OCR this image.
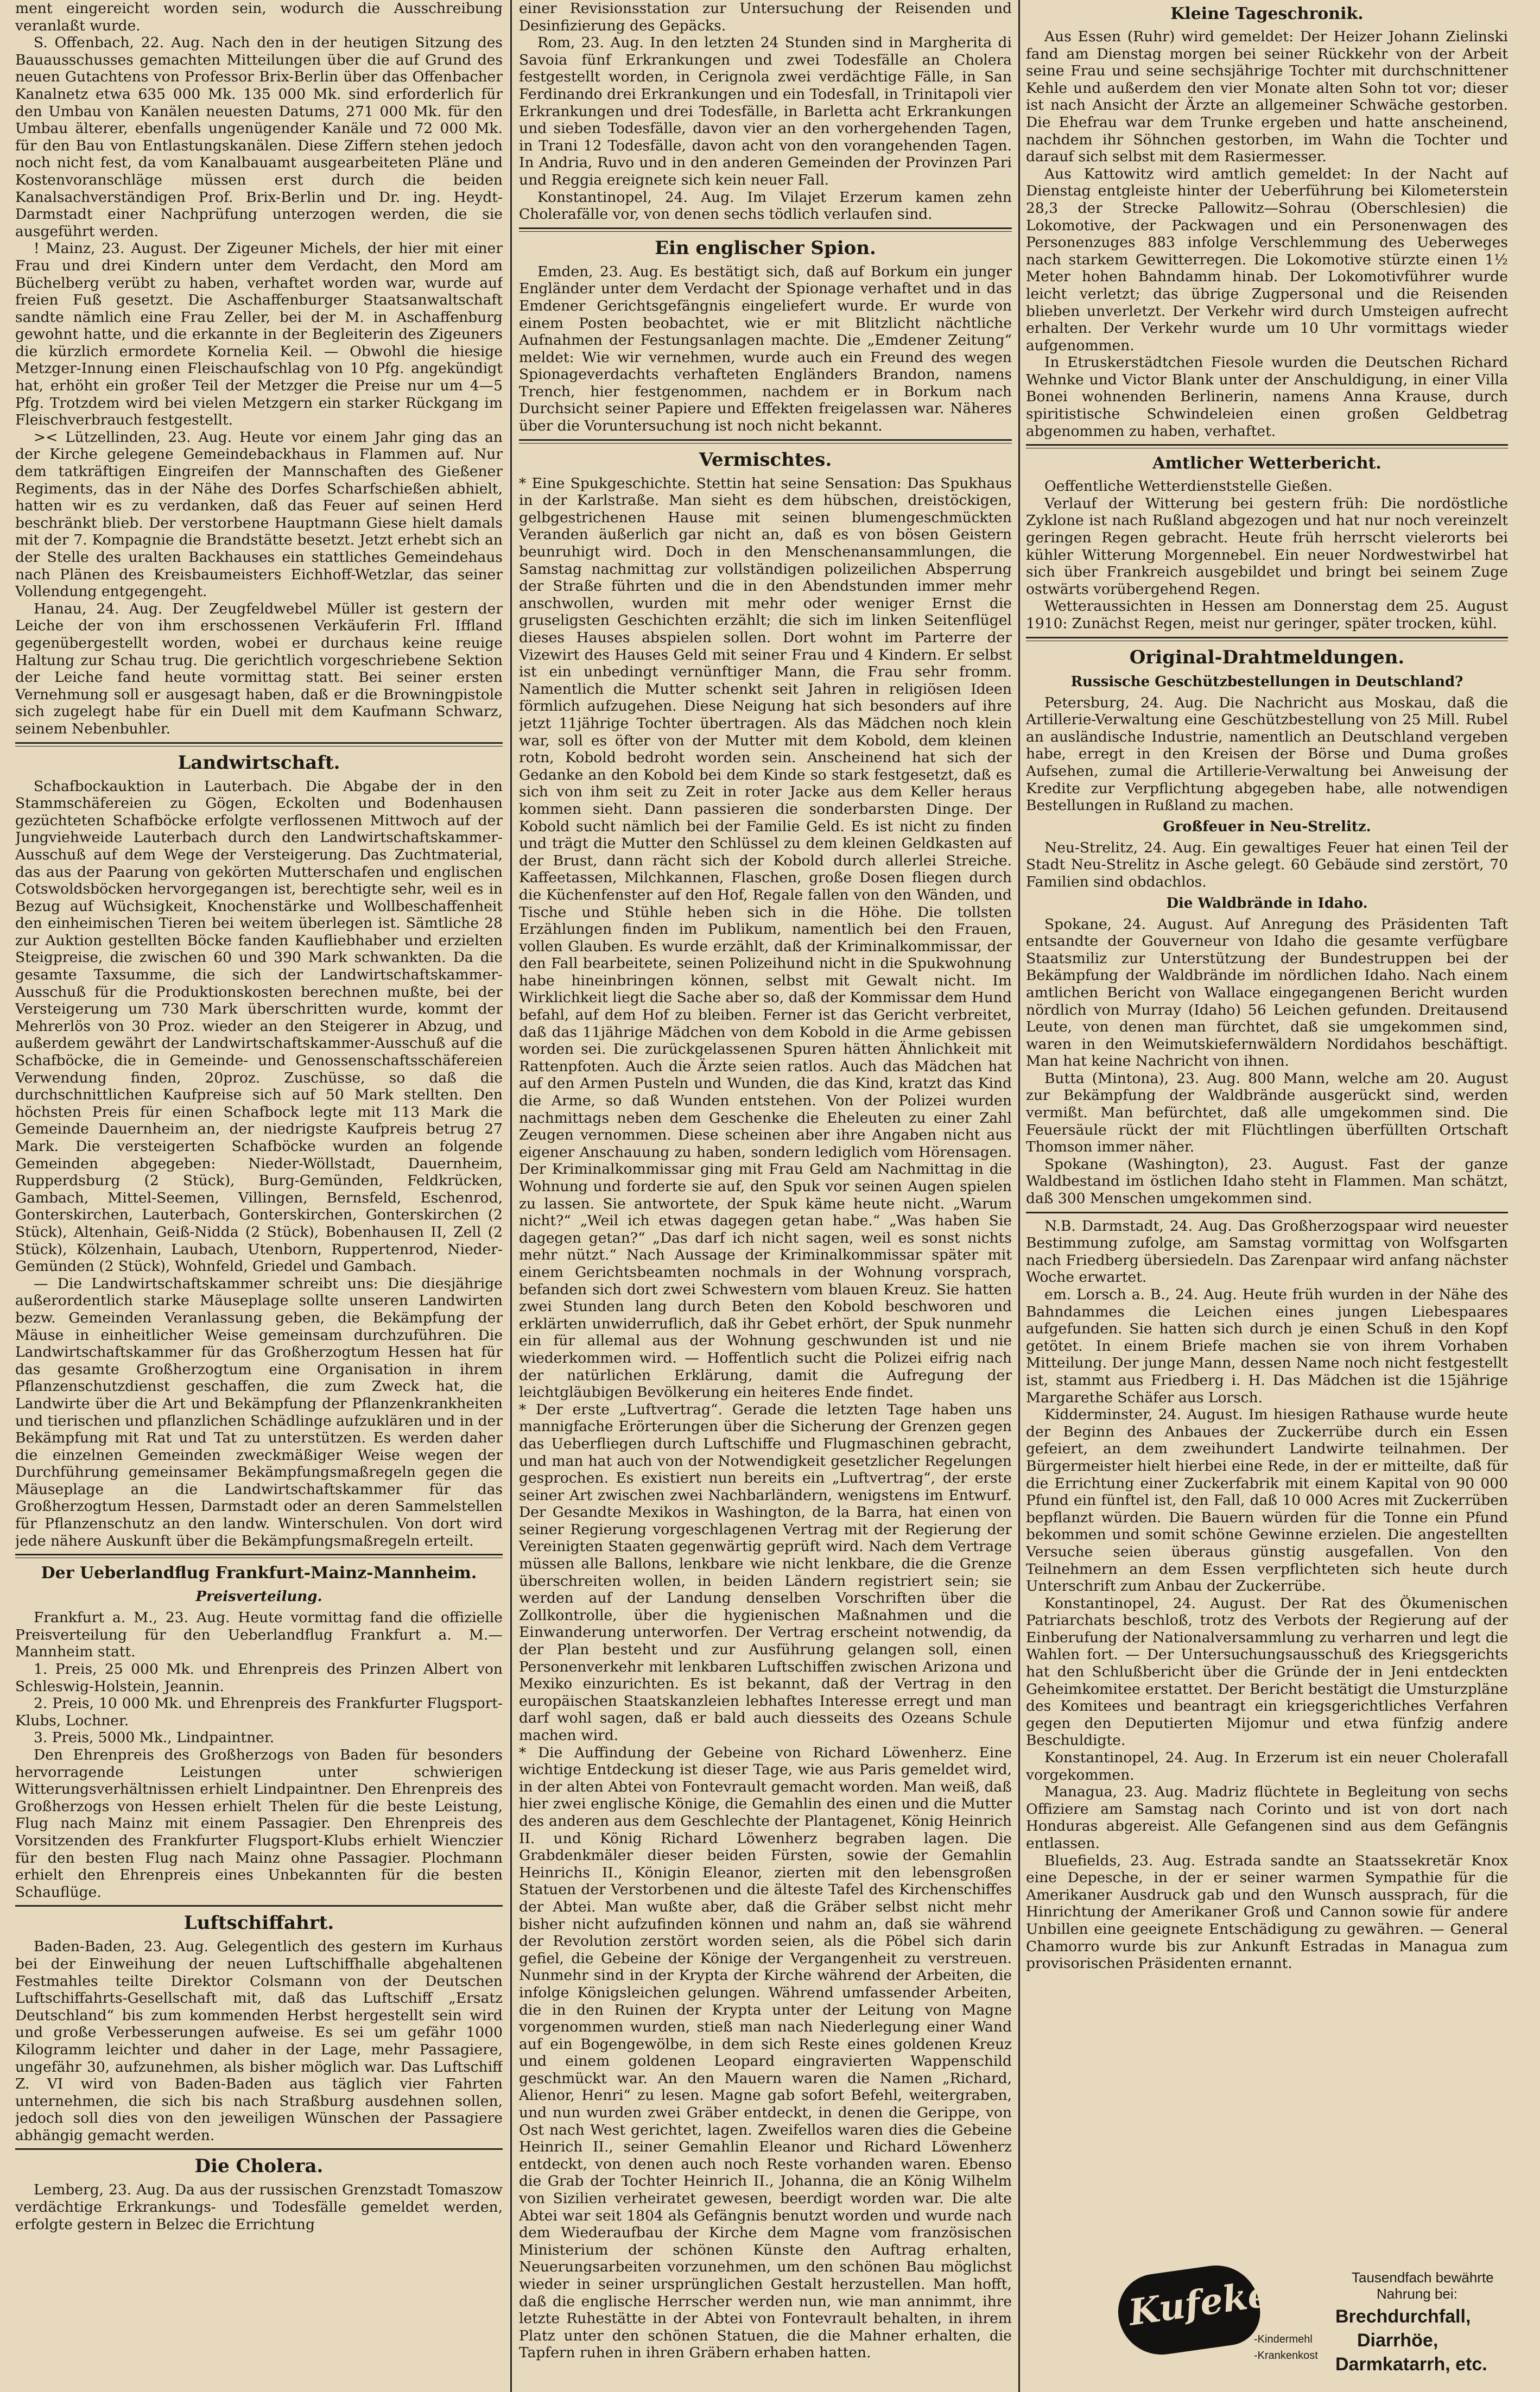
ment eingereicht worden sein, wodurch die Ausschreibung veranlaßt wurde.

S. Offenbach, 22. Aug. Nach den in der heutigen Sitzung des Bauausschusses gemachten Mitteilungen über die auf Grund des neuen Gutachtens von Professor Brix-Berlin über das Offenbacher Kanalnetz etwa 635 000 Mk. 135 000 Mk. sind erforderlich für den Umbau von Kanälen neuesten Datums, 271 000 Mk. für den Umbau älterer, ebenfalls ungenügender Kanäle und 72 000 Mk. für den Bau von Entlastungskanälen. Diese Ziffern stehen jedoch noch nicht fest, da vom Kanalbauamt ausgearbeiteten Pläne und Kostenvoranschläge müssen erst durch die beiden Kanalsachverständigen Prof. Brix-Berlin und Dr. ing. Heydt-Darmstadt einer Nachprüfung unterzogen werden, die sie ausgeführt werden.

! Mainz, 23. August. Der Zigeuner Michels, der hier mit einer Frau und drei Kindern unter dem Verdacht, den Mord am Büchelberg verübt zu haben, verhaftet worden war, wurde auf freien Fuß gesetzt. Die Aschaffenburger Staatsanwaltschaft sandte nämlich eine Frau Zeller, bei der M. in Aschaffenburg gewohnt hatte, und die erkannte in der Begleiterin des Zigeuners die kürzlich ermordete Kornelia Keil. — Obwohl die hiesige Metzger-Innung einen Fleischaufschlag von 10 Pfg. angekündigt hat, erhöht ein großer Teil der Metzger die Preise nur um 4—5 Pfg. Trotzdem wird bei vielen Metzgern ein starker Rückgang im Fleischverbrauch festgestellt.

>< Lützellinden, 23. Aug. Heute vor einem Jahr ging das an der Kirche gelegene Gemeindebackhaus in Flammen auf. Nur dem tatkräftigen Eingreifen der Mannschaften des Gießener Regiments, das in der Nähe des Dorfes Scharfschießen abhielt, hatten wir es zu verdanken, daß das Feuer auf seinen Herd beschränkt blieb. Der verstorbene Hauptmann Giese hielt damals mit der 7. Kompagnie die Brandstätte besetzt. Jetzt erhebt sich an der Stelle des uralten Backhauses ein stattliches Gemeindehaus nach Plänen des Kreisbaumeisters Eichhoff-Wetzlar, das seiner Vollendung entgegengeht.

Hanau, 24. Aug. Der Zeugfeldwebel Müller ist gestern der Leiche der von ihm erschossenen Verkäuferin Frl. Iffland gegenübergestellt worden, wobei er durchaus keine reuige Haltung zur Schau trug. Die gerichtlich vorgeschriebene Sektion der Leiche fand heute vormittag statt. Bei seiner ersten Vernehmung soll er ausgesagt haben, daß er die Browningpistole sich zugelegt habe für ein Duell mit dem Kaufmann Schwarz, seinem Nebenbuhler.

Landwirtschaft.

Schafbockauktion in Lauterbach. Die Abgabe der in den Stammschäfereien zu Gögen, Eckolten und Bodenhausen gezüchteten Schafböcke erfolgte verflossenen Mittwoch auf der Jungviehweide Lauterbach durch den Landwirtschaftskammer-Ausschuß auf dem Wege der Versteigerung. Das Zuchtmaterial, das aus der Paarung von gekörten Mutterschafen und englischen Cotswoldsböcken hervorgegangen ist, berechtigte sehr, weil es in Bezug auf Wüchsigkeit, Knochenstärke und Wollbeschaffenheit den einheimischen Tieren bei weitem überlegen ist. Sämtliche 28 zur Auktion gestellten Böcke fanden Kaufliebhaber und erzielten Steigpreise, die zwischen 60 und 390 Mark schwankten. Da die gesamte Taxsumme, die sich der Landwirtschaftskammer-Ausschuß für die Produktionskosten berechnen mußte, bei der Versteigerung um 730 Mark überschritten wurde, kommt der Mehrerlös von 30 Proz. wieder an den Steigerer in Abzug, und außerdem gewährt der Landwirtschaftskammer-Ausschuß auf die Schafböcke, die in Gemeinde- und Genossenschaftsschäfereien Verwendung finden, 20proz. Zuschüsse, so daß die durchschnittlichen Kaufpreise sich auf 50 Mark stellten. Den höchsten Preis für einen Schafbock legte mit 113 Mark die Gemeinde Dauernheim an, der niedrigste Kaufpreis betrug 27 Mark. Die versteigerten Schafböcke wurden an folgende Gemeinden abgegeben: Nieder-Wöllstadt, Dauernheim, Rupperdsburg (2 Stück), Burg-Gemünden, Feldkrücken, Gambach, Mittel-Seemen, Villingen, Bernsfeld, Eschenrod, Gonterskirchen, Lauterbach, Gonterskirchen, Gonterskirchen (2 Stück), Altenhain, Geiß-Nidda (2 Stück), Bobenhausen II, Zell (2 Stück), Kölzenhain, Laubach, Utenborn, Ruppertenrod, Nieder-Gemünden (2 Stück), Wohnfeld, Griedel und Gambach.

— Die Landwirtschaftskammer schreibt uns: Die diesjährige außerordentlich starke Mäuseplage sollte unseren Landwirten bezw. Gemeinden Veranlassung geben, die Bekämpfung der Mäuse in einheitlicher Weise gemeinsam durchzuführen. Die Landwirtschaftskammer für das Großherzogtum Hessen hat für das gesamte Großherzogtum eine Organisation in ihrem Pflanzenschutzdienst geschaffen, die zum Zweck hat, die Landwirte über die Art und Bekämpfung der Pflanzenkrankheiten und tierischen und pflanzlichen Schädlinge aufzuklären und in der Bekämpfung mit Rat und Tat zu unterstützen. Es werden daher die einzelnen Gemeinden zweckmäßiger Weise wegen der Durchführung gemeinsamer Bekämpfungsmaßregeln gegen die Mäuseplage an die Landwirtschaftskammer für das Großherzogtum Hessen, Darmstadt oder an deren Sammelstellen für Pflanzenschutz an den landw. Winterschulen. Von dort wird jede nähere Auskunft über die Bekämpfungsmaßregeln erteilt.

Der Ueberlandflug Frankfurt-Mainz-Mannheim.
Preisverteilung.

Frankfurt a. M., 23. Aug. Heute vormittag fand die offizielle Preisverteilung für den Ueberlandflug Frankfurt a. M.—Mannheim statt.

1. Preis, 25 000 Mk. und Ehrenpreis des Prinzen Albert von Schleswig-Holstein, Jeannin.

2. Preis, 10 000 Mk. und Ehrenpreis des Frankfurter Flugsport-Klubs, Lochner.

3. Preis, 5000 Mk., Lindpaintner.

Den Ehrenpreis des Großherzogs von Baden für besonders hervorragende Leistungen unter schwierigen Witterungsverhältnissen erhielt Lindpaintner. Den Ehrenpreis des Großherzogs von Hessen erhielt Thelen für die beste Leistung, Flug nach Mainz mit einem Passagier. Den Ehrenpreis des Vorsitzenden des Frankfurter Flugsport-Klubs erhielt Wienczier für den besten Flug nach Mainz ohne Passagier. Plochmann erhielt den Ehrenpreis eines Unbekannten für die besten Schauflüge.

Luftschiffahrt.

Baden-Baden, 23. Aug. Gelegentlich des gestern im Kurhaus bei der Einweihung der neuen Luftschiffhalle abgehaltenen Festmahles teilte Direktor Colsmann von der Deutschen Luftschiffahrts-Gesellschaft mit, daß das Luftschiff „Ersatz Deutschland“ bis zum kommenden Herbst hergestellt sein wird und große Verbesserungen aufweise. Es sei um gefähr 1000 Kilogramm leichter und daher in der Lage, mehr Passagiere, ungefähr 30, aufzunehmen, als bisher möglich war. Das Luftschiff Z. VI wird von Baden-Baden aus täglich vier Fahrten unternehmen, die sich bis nach Straßburg ausdehnen sollen, jedoch soll dies von den jeweiligen Wünschen der Passagiere abhängig gemacht werden.

Die Cholera.

Lemberg, 23. Aug. Da aus der russischen Grenzstadt Tomaszow verdächtige Erkrankungs- und Todesfälle gemeldet werden, erfolgte gestern in Belzec die Errichtung

einer Revisionsstation zur Untersuchung der Reisenden und Desinfizierung des Gepäcks.

Rom, 23. Aug. In den letzten 24 Stunden sind in Margherita di Savoia fünf Erkrankungen und zwei Todesfälle an Cholera festgestellt worden, in Cerignola zwei verdächtige Fälle, in San Ferdinando drei Erkrankungen und ein Todesfall, in Trinitapoli vier Erkrankungen und drei Todesfälle, in Barletta acht Erkrankungen und sieben Todesfälle, davon vier an den vorhergehenden Tagen, in Trani 12 Todesfälle, davon acht von den vorangehenden Tagen. In Andria, Ruvo und in den anderen Gemeinden der Provinzen Pari und Reggia ereignete sich kein neuer Fall.

Konstantinopel, 24. Aug. Im Vilajet Erzerum kamen zehn Cholerafälle vor, von denen sechs tödlich verlaufen sind.

Ein englischer Spion.

Emden, 23. Aug. Es bestätigt sich, daß auf Borkum ein junger Engländer unter dem Verdacht der Spionage verhaftet und in das Emdener Gerichtsgefängnis eingeliefert wurde. Er wurde von einem Posten beobachtet, wie er mit Blitzlicht nächtliche Aufnahmen der Festungsanlagen machte. Die „Emdener Zeitung“ meldet: Wie wir vernehmen, wurde auch ein Freund des wegen Spionageverdachts verhafteten Engländers Brandon, namens Trench, hier festgenommen, nachdem er in Borkum nach Durchsicht seiner Papiere und Effekten freigelassen war. Näheres über die Voruntersuchung ist noch nicht bekannt.

Vermischtes.

* Eine Spukgeschichte. Stettin hat seine Sensation: Das Spukhaus in der Karlstraße. Man sieht es dem hübschen, dreistöckigen, gelbgestrichenen Hause mit seinen blumengeschmückten Veranden äußerlich gar nicht an, daß es von bösen Geistern beunruhigt wird. Doch in den Menschenansammlungen, die Samstag nachmittag zur vollständigen polizeilichen Absperrung der Straße führten und die in den Abendstunden immer mehr anschwollen, wurden mit mehr oder weniger Ernst die gruseligsten Geschichten erzählt; die sich im linken Seitenflügel dieses Hauses abspielen sollen. Dort wohnt im Parterre der Vizewirt des Hauses Geld mit seiner Frau und 4 Kindern. Er selbst ist ein unbedingt vernünftiger Mann, die Frau sehr fromm. Namentlich die Mutter schenkt seit Jahren in religiösen Ideen förmlich aufzugehen. Diese Neigung hat sich besonders auf ihre jetzt 11jährige Tochter übertragen. Als das Mädchen noch klein war, soll es öfter von der Mutter mit dem Kobold, dem kleinen rotn, Kobold bedroht worden sein. Anscheinend hat sich der Gedanke an den Kobold bei dem Kinde so stark festgesetzt, daß es sich von ihm seit zu Zeit in roter Jacke aus dem Keller heraus kommen sieht. Dann passieren die sonderbarsten Dinge. Der Kobold sucht nämlich bei der Familie Geld. Es ist nicht zu finden und trägt die Mutter den Schlüssel zu dem kleinen Geldkasten auf der Brust, dann rächt sich der Kobold durch allerlei Streiche. Kaffeetassen, Milchkannen, Flaschen, große Dosen fliegen durch die Küchenfenster auf den Hof, Regale fallen von den Wänden, und Tische und Stühle heben sich in die Höhe. Die tollsten Erzählungen finden im Publikum, namentlich bei den Frauen, vollen Glauben. Es wurde erzählt, daß der Kriminalkommissar, der den Fall bearbeitete, seinen Polizeihund nicht in die Spukwohnung habe hineinbringen können, selbst mit Gewalt nicht. Im Wirklichkeit liegt die Sache aber so, daß der Kommissar dem Hund befahl, auf dem Hof zu bleiben. Ferner ist das Gericht verbreitet, daß das 11jährige Mädchen von dem Kobold in die Arme gebissen worden sei. Die zurückgelassenen Spuren hätten Ähnlichkeit mit Rattenpfoten. Auch die Ärzte seien ratlos. Auch das Mädchen hat auf den Armen Pusteln und Wunden, die das Kind, kratzt das Kind die Arme, so daß Wunden entstehen. Von der Polizei wurden nachmittags neben dem Geschenke die Eheleuten zu einer Zahl Zeugen vernommen. Diese scheinen aber ihre Angaben nicht aus eigener Anschauung zu haben, sondern lediglich vom Hörensagen. Der Kriminalkommissar ging mit Frau Geld am Nachmittag in die Wohnung und forderte sie auf, den Spuk vor seinen Augen spielen zu lassen. Sie antwortete, der Spuk käme heute nicht. „Warum nicht?“ „Weil ich etwas dagegen getan habe.“ „Was haben Sie dagegen getan?“ „Das darf ich nicht sagen, weil es sonst nichts mehr nützt.“ Nach Aussage der Kriminalkommissar später mit einem Gerichtsbeamten nochmals in der Wohnung vorsprach, befanden sich dort zwei Schwestern vom blauen Kreuz. Sie hatten zwei Stunden lang durch Beten den Kobold beschworen und erklärten unwiderruflich, daß ihr Gebet erhört, der Spuk nunmehr ein für allemal aus der Wohnung geschwunden ist und nie wiederkommen wird. — Hoffentlich sucht die Polizei eifrig nach der natürlichen Erklärung, damit die Aufregung der leichtgläubigen Bevölkerung ein heiteres Ende findet.

* Der erste „Luftvertrag“. Gerade die letzten Tage haben uns mannigfache Erörterungen über die Sicherung der Grenzen gegen das Ueberfliegen durch Luftschiffe und Flugmaschinen gebracht, und man hat auch von der Notwendigkeit gesetzlicher Regelungen gesprochen. Es existiert nun bereits ein „Luftvertrag“, der erste seiner Art zwischen zwei Nachbarländern, wenigstens im Entwurf. Der Gesandte Mexikos in Washington, de la Barra, hat einen von seiner Regierung vorgeschlagenen Vertrag mit der Regierung der Vereinigten Staaten gegenwärtig geprüft wird. Nach dem Vertrage müssen alle Ballons, lenkbare wie nicht lenkbare, die die Grenze überschreiten wollen, in beiden Ländern registriert sein; sie werden auf der Landung denselben Vorschriften über die Zollkontrolle, über die hygienischen Maßnahmen und die Einwanderung unterworfen. Der Vertrag erscheint notwendig, da der Plan besteht und zur Ausführung gelangen soll, einen Personenverkehr mit lenkbaren Luftschiffen zwischen Arizona und Mexiko einzurichten. Es ist bekannt, daß der Vertrag in den europäischen Staatskanzleien lebhaftes Interesse erregt und man darf wohl sagen, daß er bald auch diesseits des Ozeans Schule machen wird.

* Die Auffindung der Gebeine von Richard Löwenherz. Eine wichtige Entdeckung ist dieser Tage, wie aus Paris gemeldet wird, in der alten Abtei von Fontevrault gemacht worden. Man weiß, daß hier zwei englische Könige, die Gemahlin des einen und die Mutter des anderen aus dem Geschlechte der Plantagenet, König Heinrich II. und König Richard Löwenherz begraben lagen. Die Grabdenkmäler dieser beiden Fürsten, sowie der Gemahlin Heinrichs II., Königin Eleanor, zierten mit den lebensgroßen Statuen der Verstorbenen und die älteste Tafel des Kirchenschiffes der Abtei. Man wußte aber, daß die Gräber selbst nicht mehr bisher nicht aufzufinden können und nahm an, daß sie während der Revolution zerstört worden seien, als die Pöbel sich darin gefiel, die Gebeine der Könige der Vergangenheit zu verstreuen. Nunmehr sind in der Krypta der Kirche während der Arbeiten, die infolge Königsleichen gelungen. Während umfassender Arbeiten, die in den Ruinen der Krypta unter der Leitung von Magne vorgenommen wurden, stieß man nach Niederlegung einer Wand auf ein Bogengewölbe, in dem sich Reste eines goldenen Kreuz und einem goldenen Leopard eingravierten Wappenschild geschmückt war. An den Mauern waren die Namen „Richard, Alienor, Henri“ zu lesen. Magne gab sofort Befehl, weitergraben, und nun wurden zwei Gräber entdeckt, in denen die Gerippe, von Ost nach West gerichtet, lagen. Zweifellos waren dies die Gebeine Heinrich II., seiner Gemahlin Eleanor und Richard Löwenherz entdeckt, von denen auch noch Reste vorhanden waren. Ebenso die Grab der Tochter Heinrich II., Johanna, die an König Wilhelm von Sizilien verheiratet gewesen, beerdigt worden war. Die alte Abtei war seit 1804 als Gefängnis benutzt worden und wurde nach dem Wiederaufbau der Kirche dem Magne vom französischen Ministerium der schönen Künste den Auftrag erhalten, Neuerungsarbeiten vorzunehmen, um den schönen Bau möglichst wieder in seiner ursprünglichen Gestalt herzustellen. Man hofft, daß die englische Herrscher werden nun, wie man annimmt, ihre letzte Ruhestätte in der Abtei von Fontevrault behalten, in ihrem Platz unter den schönen Statuen, die die Mahner erhalten, die Tapfern ruhen in ihren Gräbern erhaben hatten.

Kleine Tageschronik.

Aus Essen (Ruhr) wird gemeldet: Der Heizer Johann Zielinski fand am Dienstag morgen bei seiner Rückkehr von der Arbeit seine Frau und seine sechsjährige Tochter mit durchschnittener Kehle und außerdem den vier Monate alten Sohn tot vor; dieser ist nach Ansicht der Ärzte an allgemeiner Schwäche gestorben. Die Ehefrau war dem Trunke ergeben und hatte anscheinend, nachdem ihr Söhnchen gestorben, im Wahn die Tochter und darauf sich selbst mit dem Rasiermesser.

Aus Kattowitz wird amtlich gemeldet: In der Nacht auf Dienstag entgleiste hinter der Ueberführung bei Kilometerstein 28,3 der Strecke Pallowitz—Sohrau (Oberschlesien) die Lokomotive, der Packwagen und ein Personenwagen des Personenzuges 883 infolge Verschlemmung des Ueberweges nach starkem Gewitterregen. Die Lokomotive stürzte einen 1½ Meter hohen Bahndamm hinab. Der Lokomotivführer wurde leicht verletzt; das übrige Zugpersonal und die Reisenden blieben unverletzt. Der Verkehr wird durch Umsteigen aufrecht erhalten. Der Verkehr wurde um 10 Uhr vormittags wieder aufgenommen.

In Etruskerstädtchen Fiesole wurden die Deutschen Richard Wehnke und Victor Blank unter der Anschuldigung, in einer Villa Bonei wohnenden Berlinerin, namens Anna Krause, durch spiritistische Schwindeleien einen großen Geldbetrag abgenommen zu haben, verhaftet.

Amtlicher Wetterbericht.

Oeffentliche Wetterdienststelle Gießen.

Verlauf der Witterung bei gestern früh: Die nordöstliche Zyklone ist nach Rußland abgezogen und hat nur noch vereinzelt geringen Regen gebracht. Heute früh herrscht vielerorts bei kühler Witterung Morgennebel. Ein neuer Nordwestwirbel hat sich über Frankreich ausgebildet und bringt bei seinem Zuge ostwärts vorübergehend Regen.

Wetteraussichten in Hessen am Donnerstag dem 25. August 1910: Zunächst Regen, meist nur geringer, später trocken, kühl.

Original-Drahtmeldungen.
Russische Geschützbestellungen in Deutschland?

Petersburg, 24. Aug. Die Nachricht aus Moskau, daß die Artillerie-Verwaltung eine Geschützbestellung von 25 Mill. Rubel an ausländische Industrie, namentlich an Deutschland vergeben habe, erregt in den Kreisen der Börse und Duma großes Aufsehen, zumal die Artillerie-Verwaltung bei Anweisung der Kredite zur Verpflichtung abgegeben habe, alle notwendigen Bestellungen in Rußland zu machen.

Großfeuer in Neu-Strelitz.

Neu-Strelitz, 24. Aug. Ein gewaltiges Feuer hat einen Teil der Stadt Neu-Strelitz in Asche gelegt. 60 Gebäude sind zerstört, 70 Familien sind obdachlos.

Die Waldbrände in Idaho.

Spokane, 24. August. Auf Anregung des Präsidenten Taft entsandte der Gouverneur von Idaho die gesamte verfügbare Staatsmiliz zur Unterstützung der Bundestruppen bei der Bekämpfung der Waldbrände im nördlichen Idaho. Nach einem amtlichen Bericht von Wallace eingegangenen Bericht wurden nördlich von Murray (Idaho) 56 Leichen gefunden. Dreitausend Leute, von denen man fürchtet, daß sie umgekommen sind, waren in den Weimutskiefernwäldern Nordidahos beschäftigt. Man hat keine Nachricht von ihnen.

Butta (Mintona), 23. Aug. 800 Mann, welche am 20. August zur Bekämpfung der Waldbrände ausgerückt sind, werden vermißt. Man befürchtet, daß alle umgekommen sind. Die Feuersäule rückt der mit Flüchtlingen überfüllten Ortschaft Thomson immer näher.

Spokane (Washington), 23. August. Fast der ganze Waldbestand im östlichen Idaho steht in Flammen. Man schätzt, daß 300 Menschen umgekommen sind.

N.B. Darmstadt, 24. Aug. Das Großherzogspaar wird neuester Bestimmung zufolge, am Samstag vormittag von Wolfsgarten nach Friedberg übersiedeln. Das Zarenpaar wird anfang nächster Woche erwartet.

em. Lorsch a. B., 24. Aug. Heute früh wurden in der Nähe des Bahndammes die Leichen eines jungen Liebespaares aufgefunden. Sie hatten sich durch je einen Schuß in den Kopf getötet. In einem Briefe machen sie von ihrem Vorhaben Mitteilung. Der junge Mann, dessen Name noch nicht festgestellt ist, stammt aus Friedberg i. H. Das Mädchen ist die 15jährige Margarethe Schäfer aus Lorsch.

Kidderminster, 24. August. Im hiesigen Rathause wurde heute der Beginn des Anbaues der Zuckerrübe durch ein Essen gefeiert, an dem zweihundert Landwirte teilnahmen. Der Bürgermeister hielt hierbei eine Rede, in der er mitteilte, daß für die Errichtung einer Zuckerfabrik mit einem Kapital von 90 000 Pfund ein fünftel ist, den Fall, daß 10 000 Acres mit Zuckerrüben bepflanzt würden. Die Bauern würden für die Tonne ein Pfund bekommen und somit schöne Gewinne erzielen. Die angestellten Versuche seien überaus günstig ausgefallen. Von den Teilnehmern an dem Essen verpflichteten sich heute durch Unterschrift zum Anbau der Zuckerrübe.

Konstantinopel, 24. August. Der Rat des Ökumenischen Patriarchats beschloß, trotz des Verbots der Regierung auf der Einberufung der Nationalversammlung zu verharren und legt die Wahlen fort. — Der Untersuchungsausschuß des Kriegsgerichts hat den Schlußbericht über die Gründe der in Jeni entdeckten Geheimkomitee erstattet. Der Bericht bestätigt die Umsturzpläne des Komitees und beantragt ein kriegsgerichtliches Verfahren gegen den Deputierten Mijomur und etwa fünfzig andere Beschuldigte.

Konstantinopel, 24. Aug. In Erzerum ist ein neuer Cholerafall vorgekommen.

Managua, 23. Aug. Madriz flüchtete in Begleitung von sechs Offiziere am Samstag nach Corinto und ist von dort nach Honduras abgereist. Alle Gefangenen sind aus dem Gefängnis entlassen.

Bluefields, 23. Aug. Estrada sandte an Staatssekretär Knox eine Depesche, in der er seiner warmen Sympathie für die Amerikaner Ausdruck gab und den Wunsch aussprach, für die Hinrichtung der Amerikaner Groß und Cannon sowie für andere Unbillen eine geeignete Entschädigung zu gewähren. — General Chamorro wurde bis zur Ankunft Estradas in Managua zum provisorischen Präsidenten ernannt.

Kufeke
-Kindermehl
-Krankenkost
Tausendfach bewährte
Nahrung bei:
Brechdurchfall,
Diarrhöe,
Darmkatarrh, etc.
